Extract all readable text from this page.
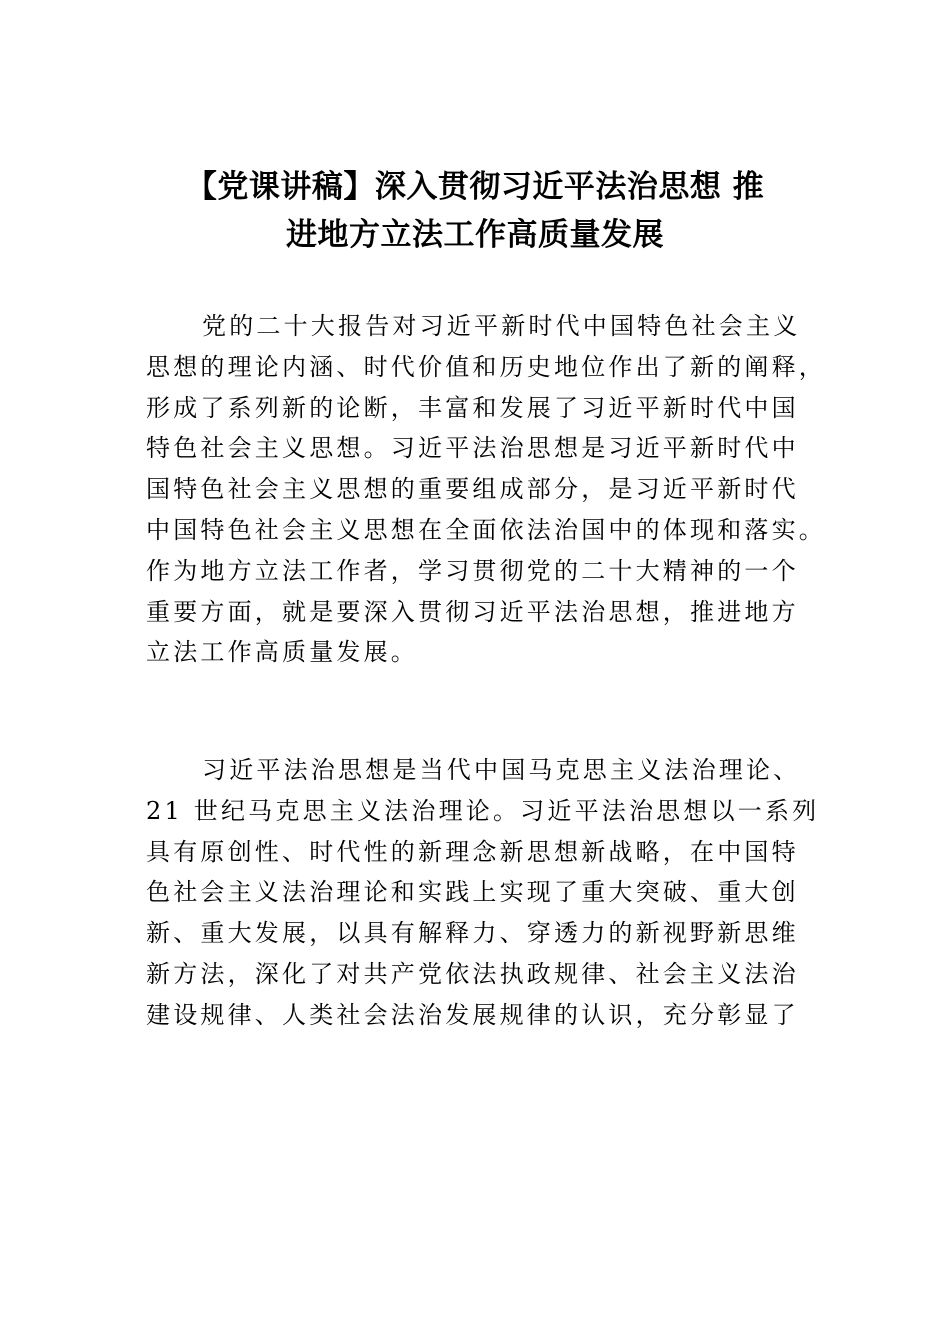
【党课讲稿】深入贯彻习近平法治思想 推
进地方立法工作高质量发展
党的二十大报告对习近平新时代中国特色社会主义
思想的理论内涵、时代价值和历史地位作出了新的阐释，
形成了系列新的论断，丰富和发展了习近平新时代中国
特色社会主义思想。习近平法治思想是习近平新时代中
国特色社会主义思想的重要组成部分，是习近平新时代
中国特色社会主义思想在全面依法治国中的体现和落实。
作为地方立法工作者，学习贯彻党的二十大精神的一个
重要方面，就是要深入贯彻习近平法治思想，推进地方
立法工作高质量发展。
习近平法治思想是当代中国马克思主义法治理论、
21 世纪马克思主义法治理论。习近平法治思想以一系列
具有原创性、时代性的新理念新思想新战略，在中国特
色社会主义法治理论和实践上实现了重大突破、重大创
新、重大发展，以具有解释力、穿透力的新视野新思维
新方法，深化了对共产党依法执政规律、社会主义法治
建设规律、人类社会法治发展规律的认识，充分彰显了
